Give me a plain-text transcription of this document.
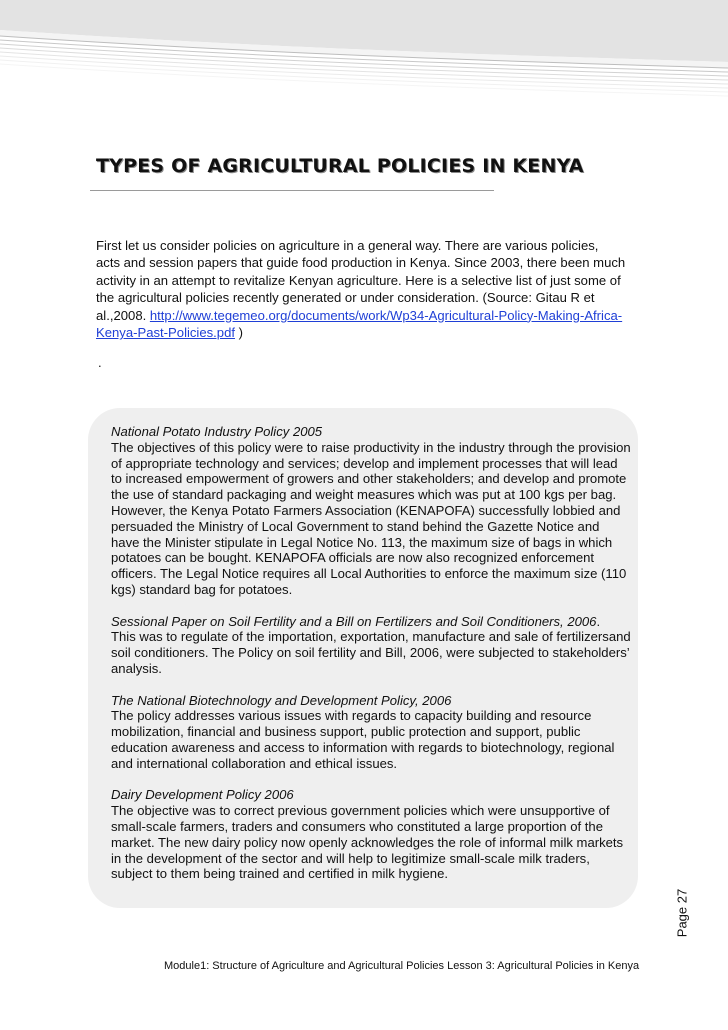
TYPES OF AGRICULTURAL POLICIES IN KENYA

First let us consider policies on agriculture in a general way. There are various policies, acts and session papers that guide food production in Kenya. Since 2003, there been much activity in an attempt to revitalize Kenyan agriculture. Here is a selective list of just some of the agricultural policies recently generated or under consideration. (Source: Gitau R et al.,2008. http://www.tegemeo.org/documents/work/Wp34-Agricultural-Policy-Making-Africa-Kenya-Past-Policies.pdf )

.
National Potato Industry Policy 2005
The objectives of this policy were to raise productivity in the industry through the provision of appropriate technology and services; develop and implement processes that will lead to increased empowerment of growers and other stakeholders; and develop and promote the use of standard packaging and weight measures which was put at 100 kgs per bag. However, the Kenya Potato Farmers Association (KENAPOFA) successfully lobbied and persuaded the Ministry of Local Government to stand behind the Gazette Notice and have the Minister stipulate in Legal Notice No. 113, the maximum size of bags in which potatoes can be bought. KENAPOFA officials are now also recognized enforcement officers. The Legal Notice requires all Local Authorities to enforce the maximum size (110 kgs) standard bag for potatoes.
Sessional Paper on Soil Fertility and a Bill on Fertilizers and Soil Conditioners, 2006.
This was to regulate of the importation, exportation, manufacture and sale of fertilizersand soil conditioners. The Policy on soil fertility and Bill, 2006, were subjected to stakeholders’ analysis.
The National Biotechnology and Development Policy, 2006
The policy addresses various issues with regards to capacity building and resource mobilization, financial and business support, public protection and support, public education awareness and access to information with regards to biotechnology, regional and international collaboration and ethical issues.
Dairy Development Policy 2006
The objective was to correct previous government policies which were unsupportive of small-scale farmers, traders and consumers who constituted a large proportion of the market. The new dairy policy now openly acknowledges the role of informal milk markets in the development of the sector and will help to legitimize small-scale milk traders, subject to them being trained and certified in milk hygiene.
Page 27
Module1: Structure of Agriculture and Agricultural Policies Lesson 3: Agricultural Policies in Kenya
